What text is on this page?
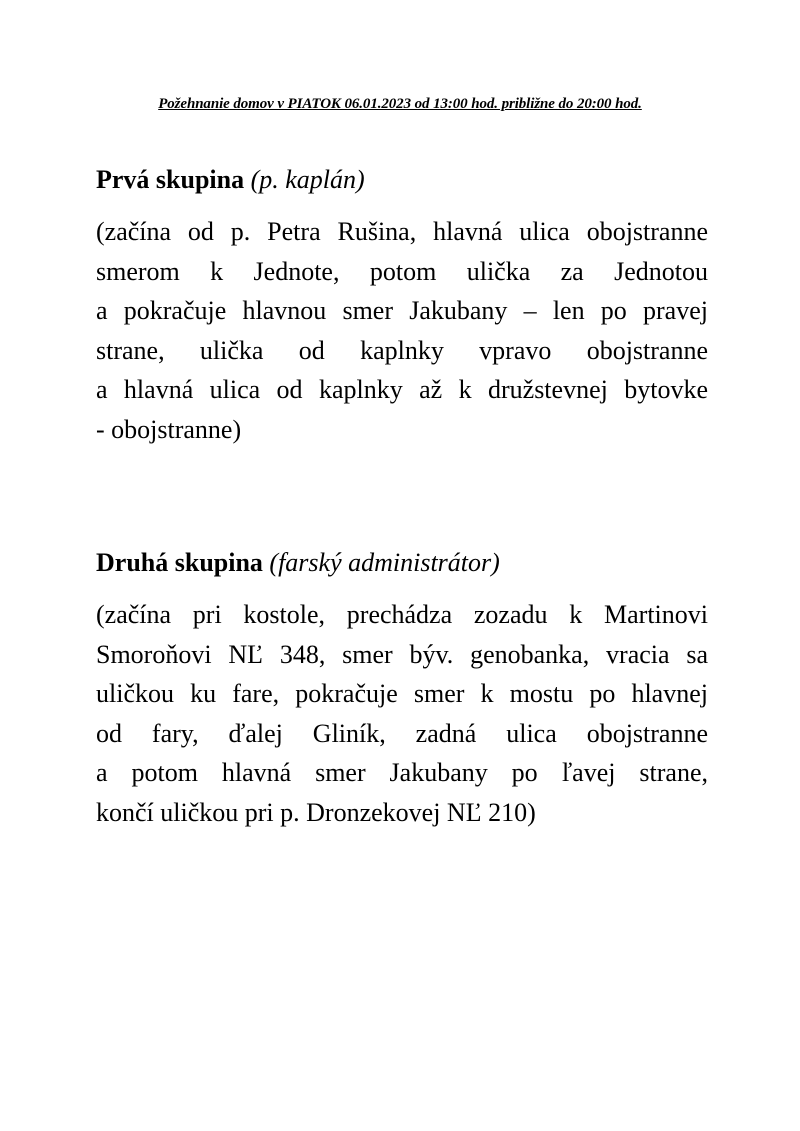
Požehnanie domov v PIATOK 06.01.2023 od 13:00 hod. približne do 20:00 hod.
Prvá skupina (p. kaplán)
(začína od p. Petra Rušina, hlavná ulica obojstranne
smerom k Jednote, potom ulička za Jednotou
a pokračuje hlavnou smer Jakubany – len po pravej
strane, ulička od kaplnky vpravo obojstranne
a hlavná ulica od kaplnky až k družstevnej bytovke
- obojstranne)
Druhá skupina (farský administrátor)
(začína pri kostole, prechádza zozadu k Martinovi
Smoroňovi NĽ 348, smer býv. genobanka, vracia sa
uličkou ku fare, pokračuje smer k mostu po hlavnej
od fary, ďalej Gliník, zadná ulica obojstranne
a potom hlavná smer Jakubany po ľavej strane,
končí uličkou pri p. Dronzekovej NĽ 210)
